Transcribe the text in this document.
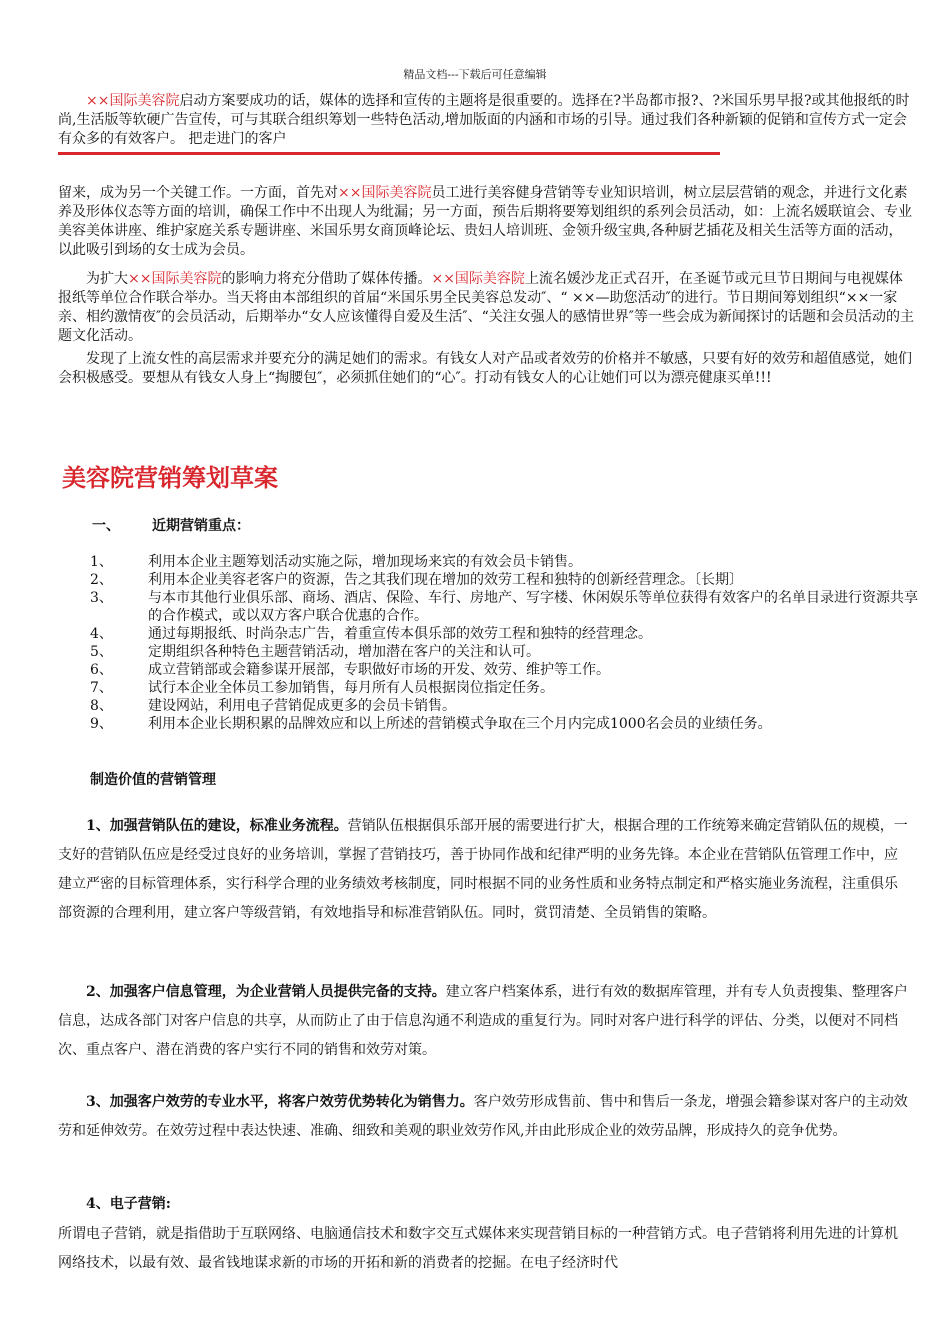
精品文档---下载后可任意编辑

××国际美容院启动方案要成功的话，媒体的选择和宣传的主题将是很重要的。选择在?半岛都市报?、?米国乐男早报?或其他报纸的时尚,生活版等软硬广告宣传，可与其联合组织筹划一些特色活动,增加版面的内涵和市场的引导。通过我们各种新颖的促销和宣传方式一定会有众多的有效客户。 把走进门的客户

留来，成为另一个关键工作。一方面，首先对××国际美容院员工进行美容健身营销等专业知识培训，树立层层营销的观念，并进行文化素养及形体仪态等方面的培训，确保工作中不出现人为纰漏；另一方面，预告后期将要筹划组织的系列会员活动，如：上流名媛联谊会、专业美容美体讲座、维护家庭关系专题讲座、米国乐男女商顶峰论坛、贵妇人培训班、金领升级宝典,各种厨艺插花及相关生活等方面的活动，以此吸引到场的女士成为会员。

为扩大××国际美容院的影响力将充分借助了媒体传播。××国际美容院上流名媛沙龙正式召开，在圣诞节或元旦节日期间与电视媒体报纸等单位合作联合举办。当天将由本部组织的首届“米国乐男全民美容总发动″、“ ××—助您活动″的进行。节日期间筹划组织“××一家亲、相约激情夜″的会员活动，后期举办“女人应该懂得自爱及生活″、“关注女强人的感情世界″等一些会成为新闻探讨的话题和会员活动的主题文化活动。

发现了上流女性的高层需求并要充分的满足她们的需求。有钱女人对产品或者效劳的价格并不敏感，只要有好的效劳和超值感觉，她们会积极感受。要想从有钱女人身上“掏腰包″，必须抓住她们的“心″。打动有钱女人的心让她们可以为漂亮健康买单!!!

美容院营销筹划草案
一、 近期营销重点：
1、	利用本企业主题筹划活动实施之际，增加现场来宾的有效会员卡销售。
2、	利用本企业美容老客户的资源，告之其我们现在增加的效劳工程和独特的创新经营理念。〔长期〕
3、	与本市其他行业俱乐部、商场、酒店、保险、车行、房地产、写字楼、休闲娱乐等单位获得有效客户的名单目录进行资源共享的合作模式，或以双方客户联合优惠的合作。
4、	通过每期报纸、时尚杂志广告，着重宣传本俱乐部的效劳工程和独特的经营理念。
5、	定期组织各种特色主题营销活动，增加潜在客户的关注和认可。
6、	成立营销部或会籍参谋开展部，专职做好市场的开发、效劳、维护等工作。
7、	试行本企业全体员工参加销售，每月所有人员根据岗位指定任务。
8、	建设网站，利用电子营销促成更多的会员卡销售。
9、	利用本企业长期积累的品牌效应和以上所述的营销模式争取在三个月内完成1000名会员的业绩任务。
制造价值的营销管理

1、加强营销队伍的建设，标准业务流程。营销队伍根据俱乐部开展的需要进行扩大，根据合理的工作统筹来确定营销队伍的规模，一支好的营销队伍应是经受过良好的业务培训，掌握了营销技巧，善于协同作战和纪律严明的业务先锋。本企业在营销队伍管理工作中，应建立严密的目标管理体系，实行科学合理的业务绩效考核制度，同时根据不同的业务性质和业务特点制定和严格实施业务流程，注重俱乐部资源的合理利用，建立客户等级营销，有效地指导和标准营销队伍。同时，赏罚清楚、全员销售的策略。

2、加强客户信息管理，为企业营销人员提供完备的支持。建立客户档案体系，进行有效的数据库管理，并有专人负责搜集、整理客户信息，达成各部门对客户信息的共享，从而防止了由于信息沟通不利造成的重复行为。同时对客户进行科学的评估、分类，以便对不同档次、重点客户、潜在消费的客户实行不同的销售和效劳对策。

3、加强客户效劳的专业水平，将客户效劳优势转化为销售力。客户效劳形成售前、售中和售后一条龙，增强会籍参谋对客户的主动效劳和延伸效劳。在效劳过程中表达快速、准确、细致和美观的职业效劳作风,并由此形成企业的效劳品牌，形成持久的竞争优势。

4、电子营销:

所谓电子营销，就是指借助于互联网络、电脑通信技术和数字交互式媒体来实现营销目标的一种营销方式。电子营销将利用先进的计算机网络技术，以最有效、最省钱地谋求新的市场的开拓和新的消费者的挖掘。在电子经济时代
